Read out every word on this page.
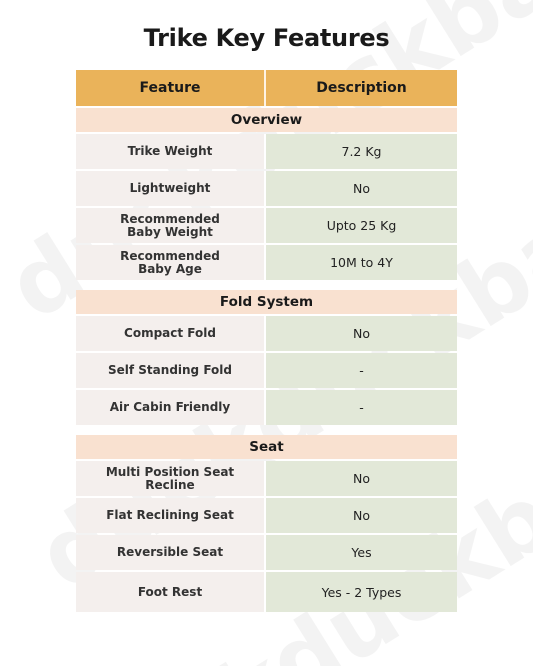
Trike Key Features
Feature	Description
Overview
Trike Weight	7.2 Kg
Lightweight	No
Recommended
Baby Weight	Upto 25 Kg
Recommended
Baby Age	10M to 4Y
Fold System
Compact Fold	No
Self Standing Fold	-
Air Cabin Friendly	-
Seat
Multi Position Seat
Recline	No
Flat Reclining Seat	No
Reversible Seat	Yes
Foot Rest	Yes - 2 Types
